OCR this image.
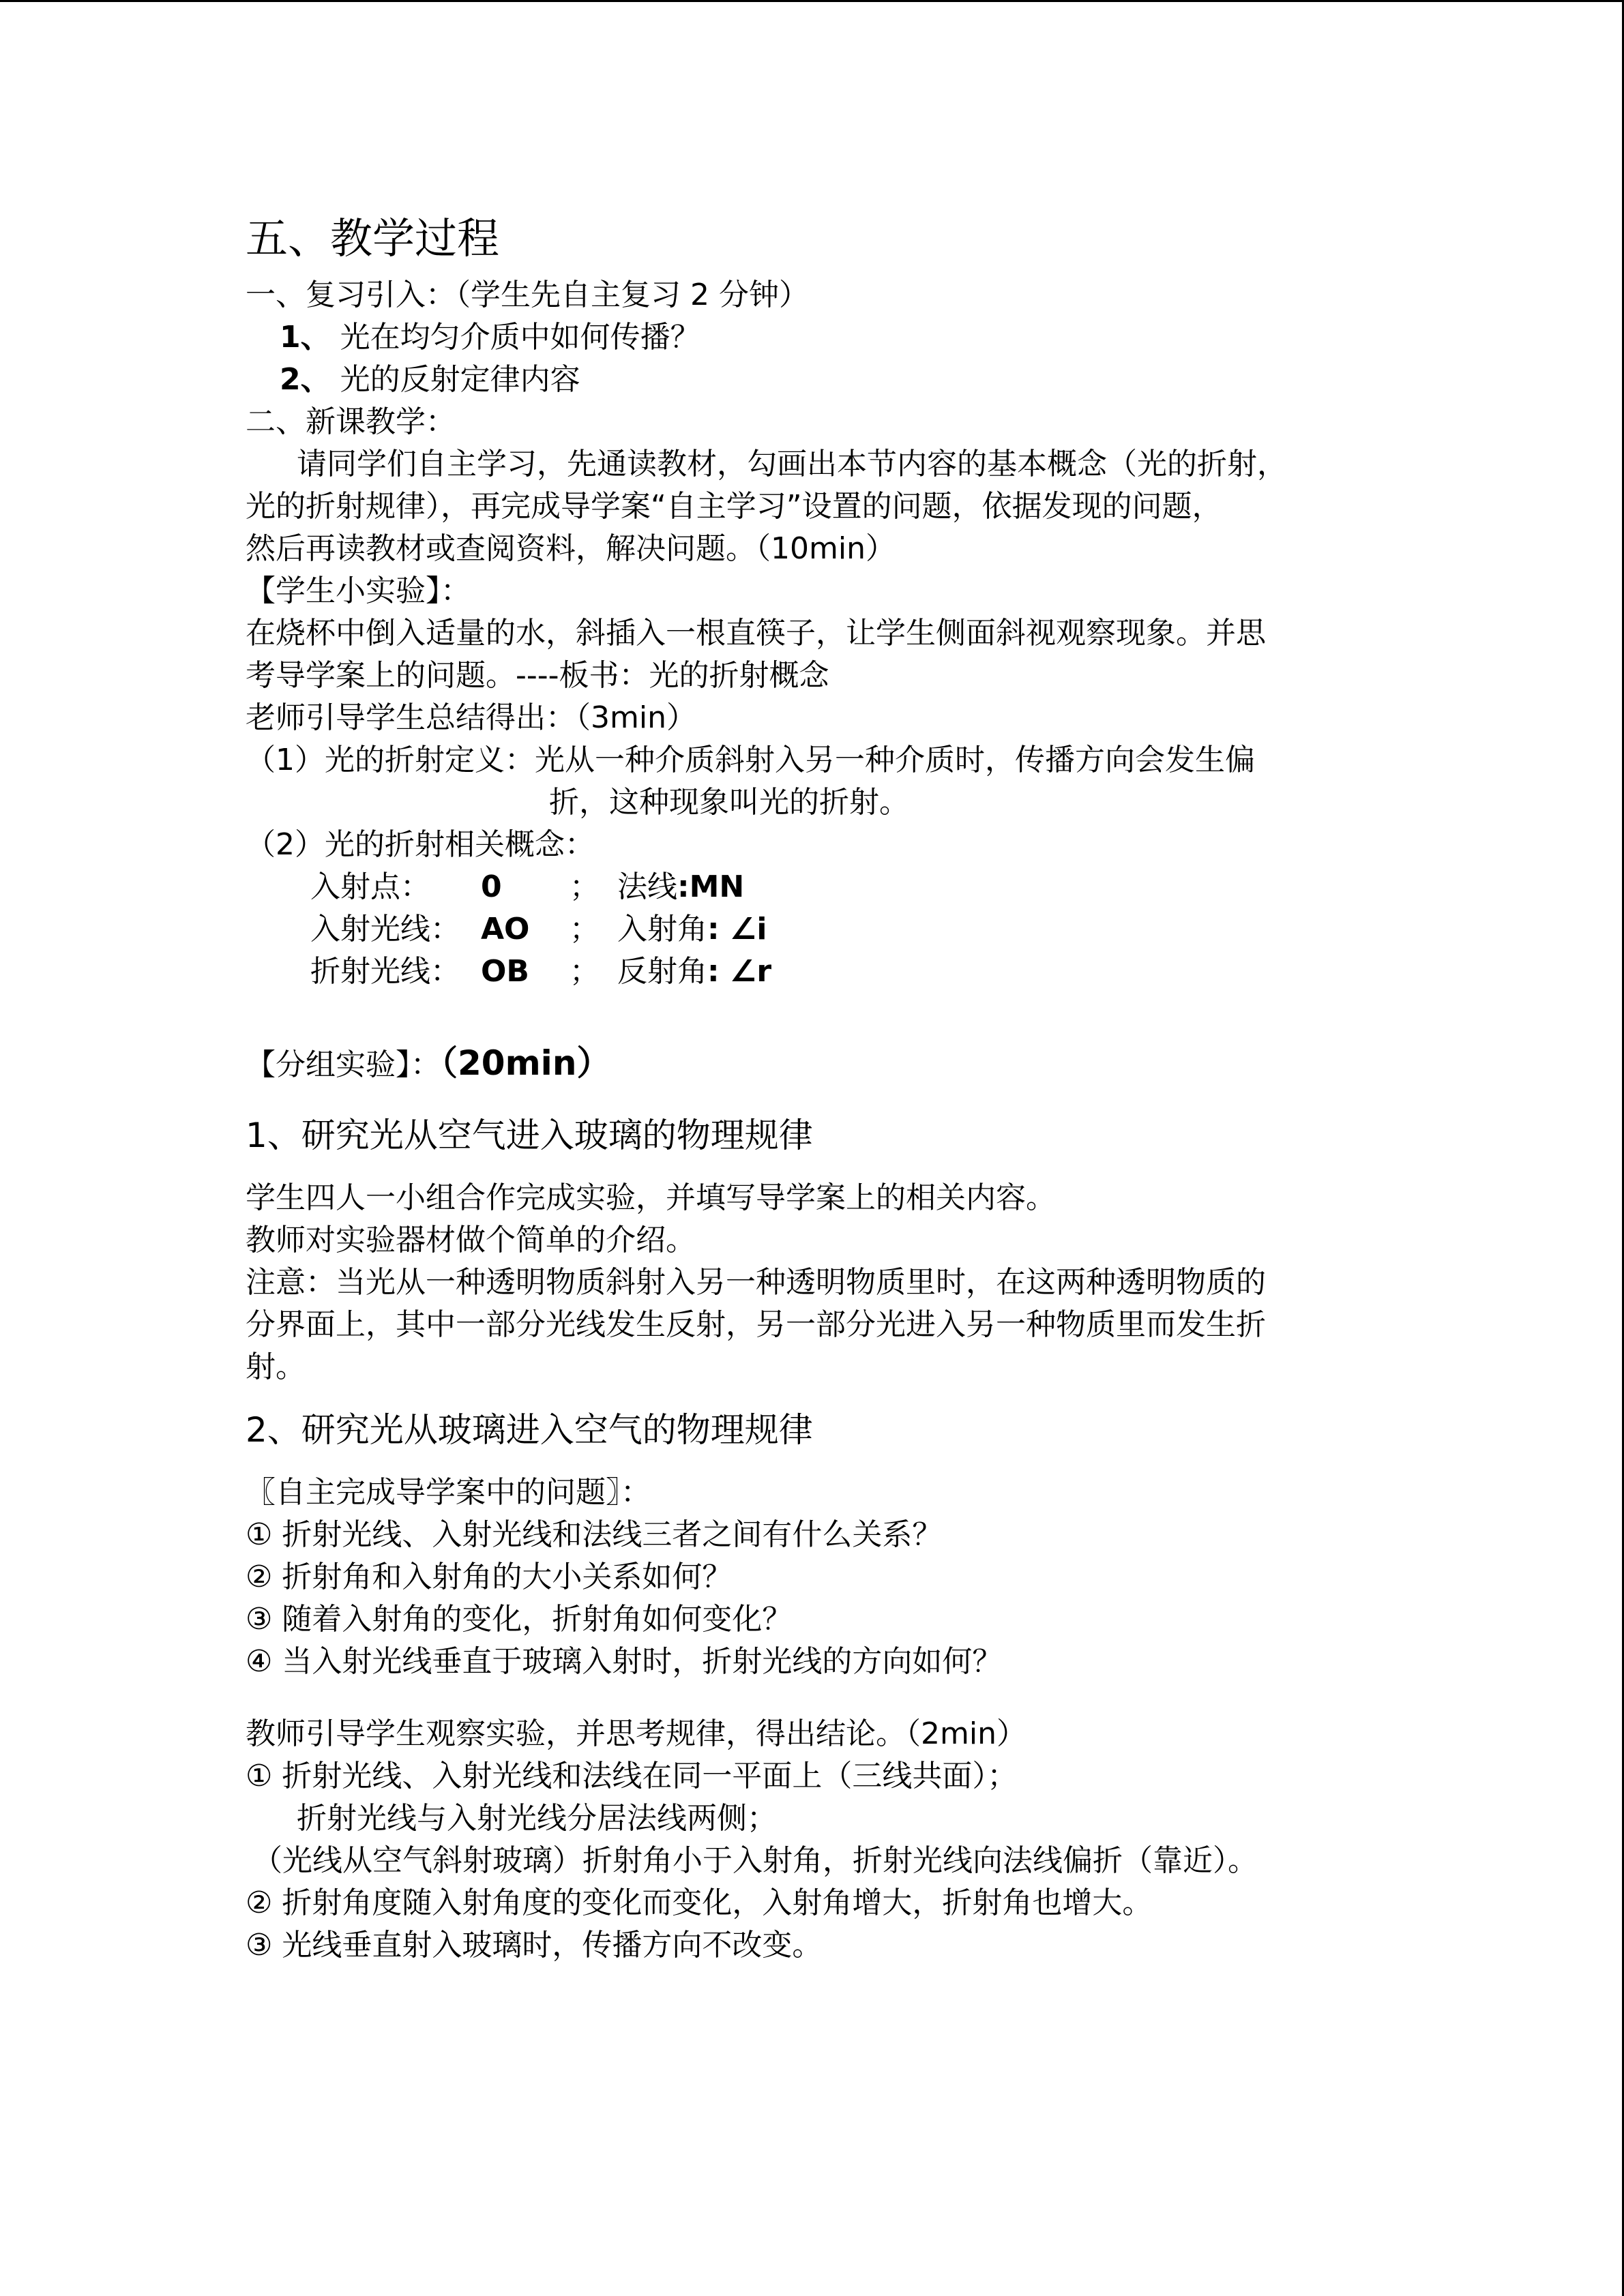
五、教学过程
一、复习引入：（学生先自主复习 2 分钟）
1、 光在均匀介质中如何传播？
2、 光的反射定律内容
二、新课教学：
请同学们自主学习，先通读教材，勾画出本节内容的基本概念（光的折射，
光的折射规律），再完成导学案“自主学习”设置的问题，依据发现的问题，
然后再读教材或查阅资料，解决问题。（10min）
【学生小实验】：
在烧杯中倒入适量的水，斜插入一根直筷子，让学生侧面斜视观察现象。并思
考导学案上的问题。----板书：光的折射概念
老师引导学生总结得出：（3min）
（1）光的折射定义：光从一种介质斜射入另一种介质时，传播方向会发生偏
折，这种现象叫光的折射。
（2）光的折射相关概念：
入射点：	0	； 法线 :MN
入射光线： AO	； 入射角 : ∠i
折射光线： OB	； 反射角 : ∠r
【分组实验】：（20min）
1、研究光从空气进入玻璃的物理规律
学生四人一小组合作完成实验，并填写导学案上的相关内容。
教师对实验器材做个简单的介绍。
注意：当光从一种透明物质斜射入另一种透明物质里时，在这两种透明物质的
分界面上，其中一部分光线发生反射，另一部分光进入另一种物质里而发生折
射。
2、研究光从玻璃进入空气的物理规律
〖自主完成导学案中的问题〗：
① 折射光线、入射光线和法线三者之间有什么关系？
② 折射角和入射角的大小关系如何？
③ 随着入射角的变化，折射角如何变化？
④ 当入射光线垂直于玻璃入射时，折射光线的方向如何？
教师引导学生观察实验，并思考规律，得出结论。（2min）
① 折射光线、入射光线和法线在同一平面上（三线共面）；
折射光线与入射光线分居法线两侧；
（光线从空气斜射玻璃）折射角小于入射角，折射光线向法线偏折（靠近）。
② 折射角度随入射角度的变化而变化，入射角增大，折射角也增大。
③ 光线垂直射入玻璃时，传播方向不改变。
